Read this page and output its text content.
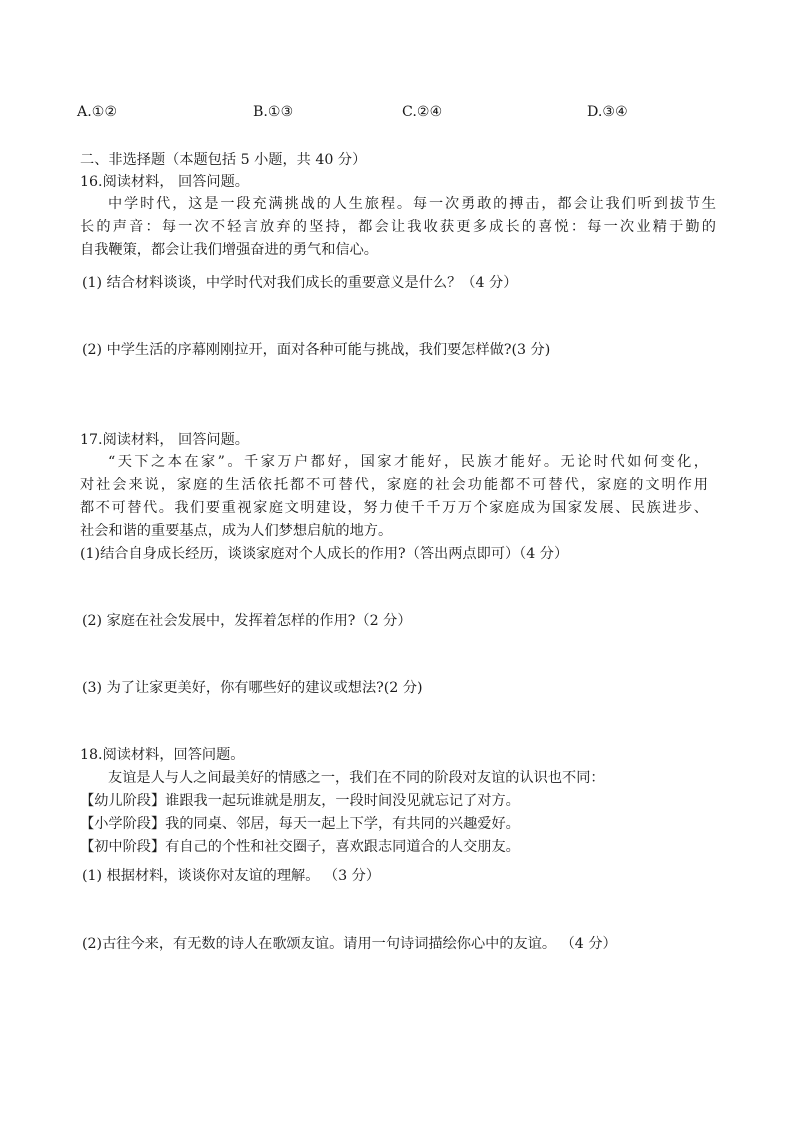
A.①②	B.①③	C.②④	D.③④
二、非选择题（本题包括 5 小题，共 40 分）
16.阅读材料， 回答问题。
中学时代，这是一段充满挑战的人生旅程。每一次勇敢的搏击，都会让我们听到拔节生
长的声音：每一次不轻言放弃的坚持，都会让我收获更多成长的喜悦：每一次业精于勤的
自我鞭策，都会让我们增强奋进的勇气和信心。
(1) 结合材料谈谈，中学时代对我们成长的重要意义是什么？（4 分）
(2) 中学生活的序幕刚刚拉开，面对各种可能与挑战，我们要怎样做?(3 分)
17.阅读材料， 回答问题。
“天下之本在家”。千家万户都好，国家才能好，民族才能好。无论时代如何变化，
对社会来说，家庭的生活依托都不可替代，家庭的社会功能都不可替代，家庭的文明作用
都不可替代。我们要重视家庭文明建设，努力使千千万万个家庭成为国家发展、民族进步、
社会和谐的重要基点，成为人们梦想启航的地方。
(1)结合自身成长经历，谈谈家庭对个人成长的作用?（答出两点即可）（4 分）
(2) 家庭在社会发展中，发挥着怎样的作用?（2 分）
(3) 为了让家更美好，你有哪些好的建议或想法?(2 分)
18.阅读材料，回答问题。
友谊是人与人之间最美好的情感之一，我们在不同的阶段对友谊的认识也不同：
【幼儿阶段】谁跟我一起玩谁就是朋友，一段时间没见就忘记了对方。
【小学阶段】我的同桌、邻居，每天一起上下学，有共同的兴趣爱好。
【初中阶段】有自己的个性和社交圈子，喜欢跟志同道合的人交朋友。
(1) 根据材料，谈谈你对友谊的理解。 （3 分）
(2)古往今来，有无数的诗人在歌颂友谊。请用一句诗词描绘你心中的友谊。 （4 分）
